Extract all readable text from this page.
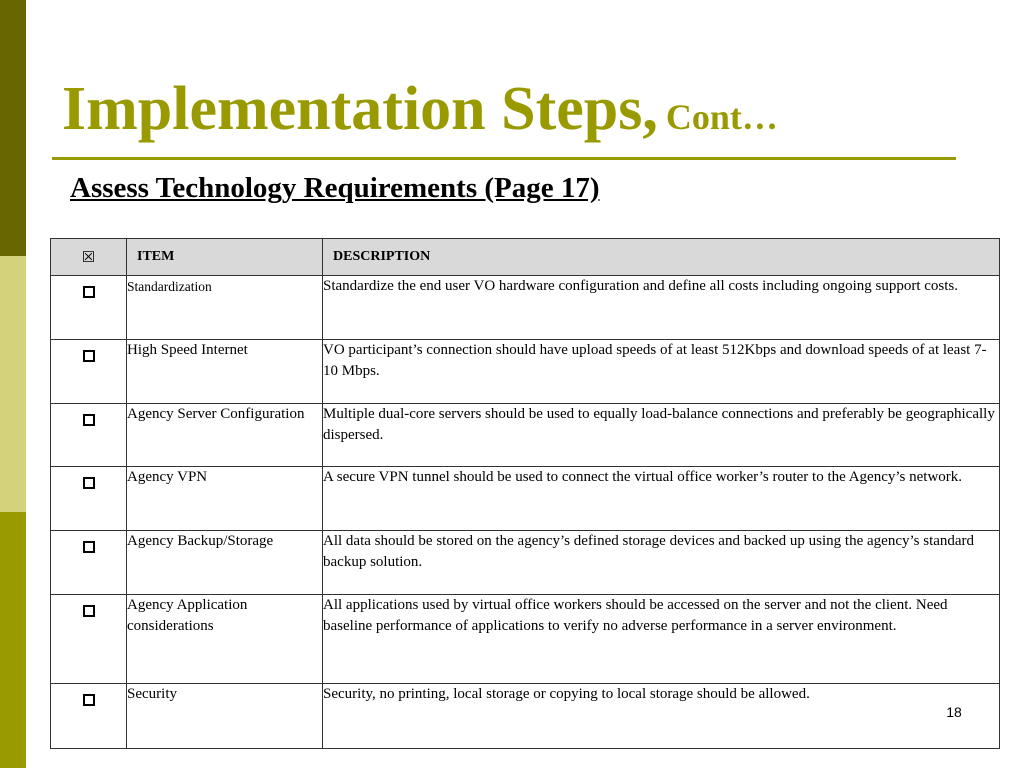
Implementation Steps, Cont…
Assess Technology Requirements (Page 17)
☒	ITEM	DESCRIPTION
	Standardization	Standardize the end user VO hardware configuration and define all costs including ongoing support costs.
	High Speed Internet	VO participant’s connection should have upload speeds of at least 512Kbps and download speeds of at least 7-10 Mbps.
	Agency Server Configuration	Multiple dual-core servers should be used to equally load-balance connections and preferably be geographically dispersed.
	Agency VPN	A secure VPN tunnel should be used to connect the virtual office worker’s router to the Agency’s network.
	Agency Backup/Storage	All data should be stored on the agency’s defined storage devices and backed up using the agency’s standard backup solution.
	Agency Application considerations	All applications used by virtual office workers should be accessed on the server and not the client. Need baseline performance of applications to verify no adverse performance in a server environment.
	Security	Security, no printing, local storage or copying to local storage should be allowed.
18
